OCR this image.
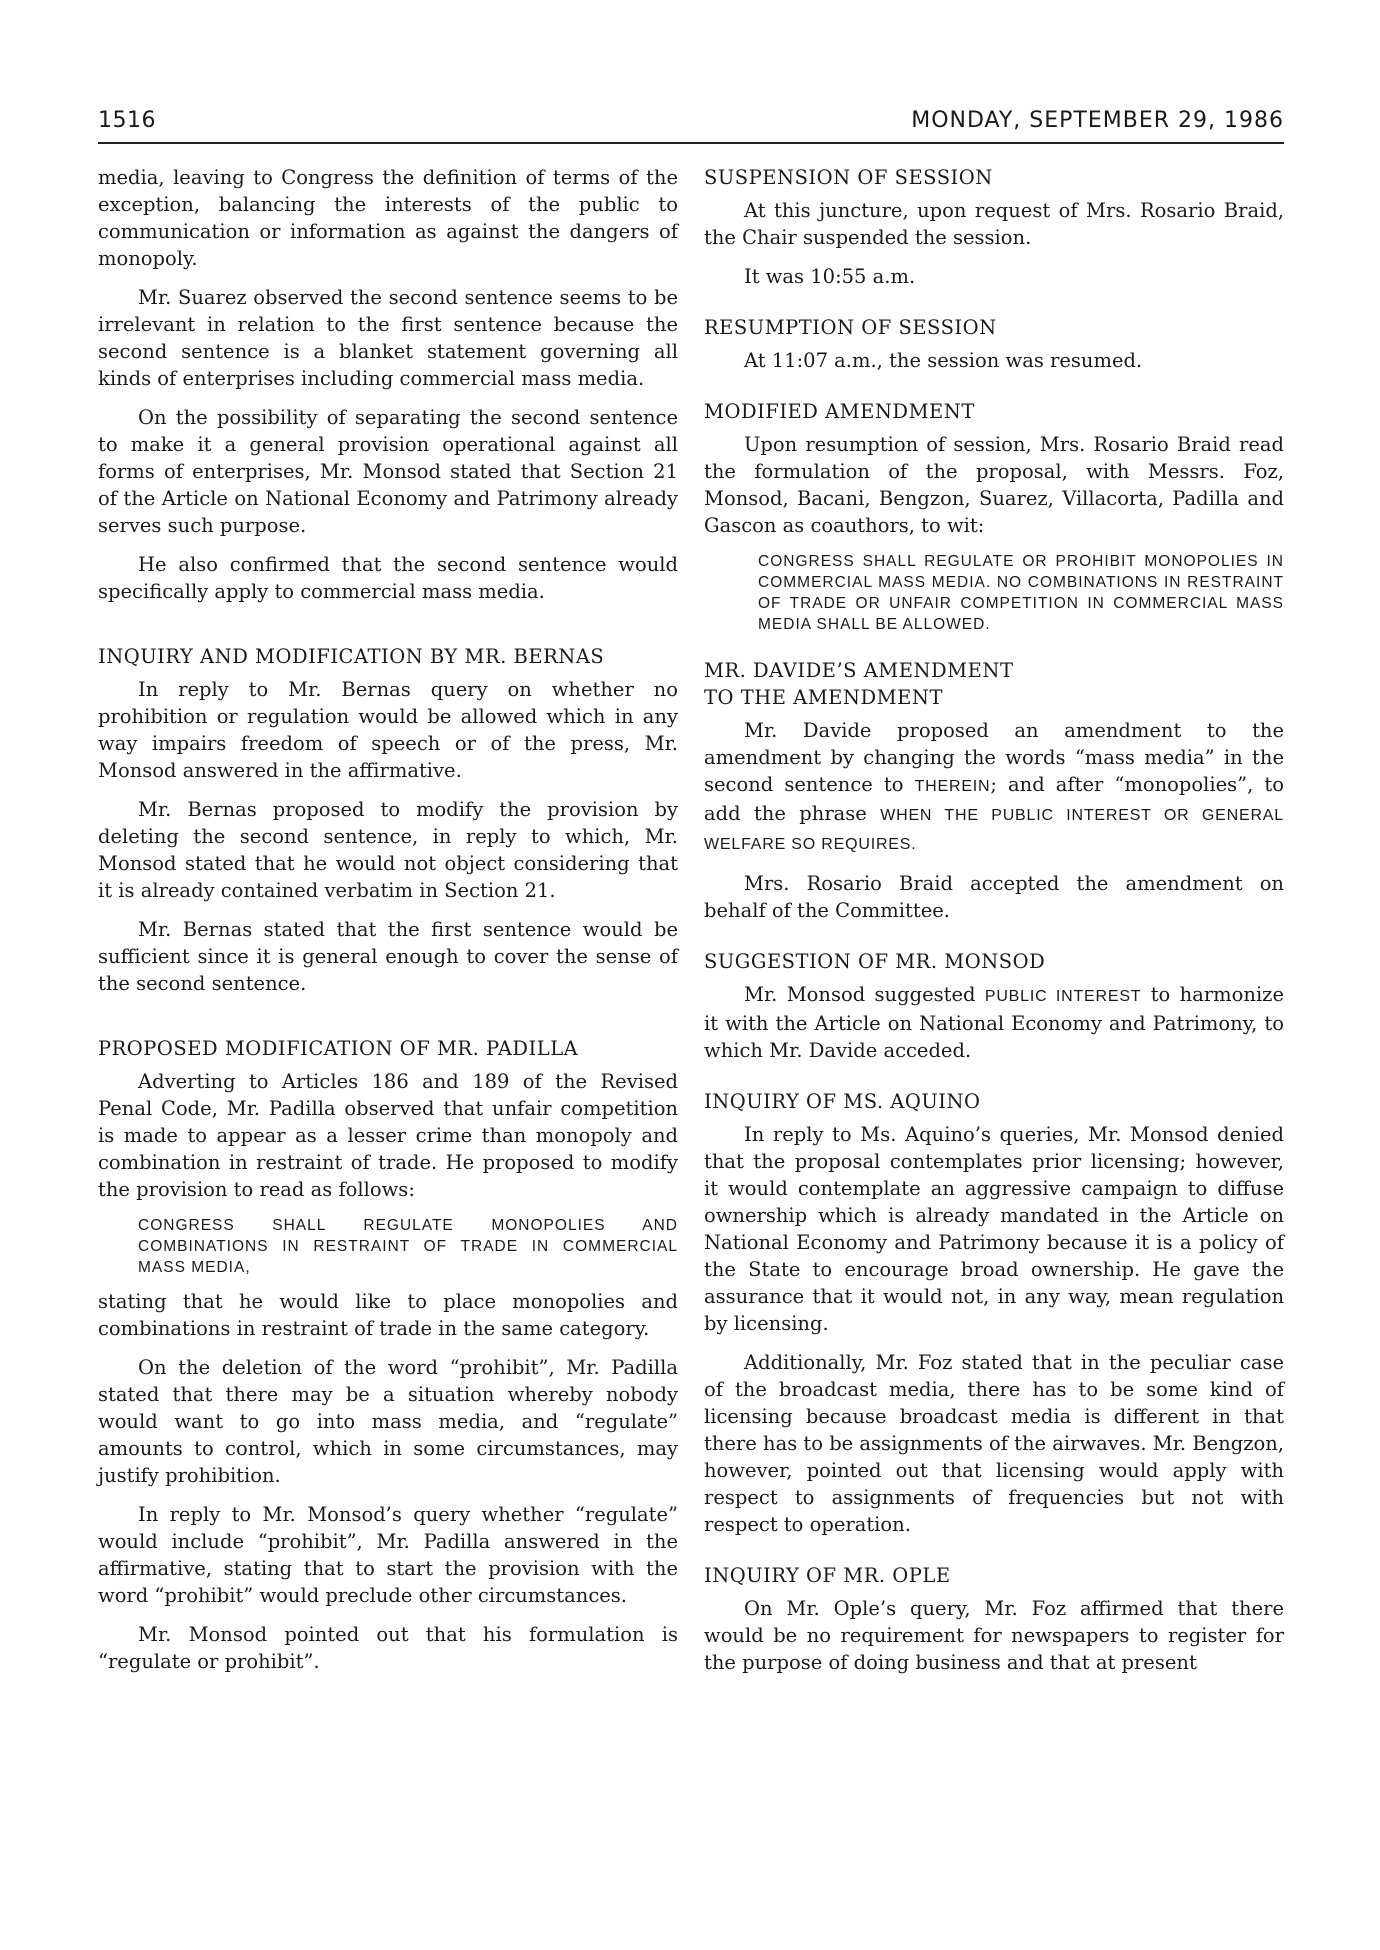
1516	MONDAY, SEPTEMBER 29, 1986

media, leaving to Congress the definition of terms of the exception, balancing the interests of the public to communication or information as against the dangers of monopoly.

Mr. Suarez observed the second sentence seems to be irrelevant in relation to the first sentence because the second sentence is a blanket statement governing all kinds of enterprises including commercial mass media.

On the possibility of separating the second sentence to make it a general provision operational against all forms of enterprises, Mr. Monsod stated that Section 21 of the Article on National Economy and Patrimony already serves such purpose.

He also confirmed that the second sentence would specifically apply to commercial mass media.

INQUIRY AND MODIFICATION BY MR. BERNAS

In reply to Mr. Bernas query on whether no prohibition or regulation would be allowed which in any way impairs freedom of speech or of the press, Mr. Monsod answered in the affirmative.

Mr. Bernas proposed to modify the provision by deleting the second sentence, in reply to which, Mr. Monsod stated that he would not object considering that it is already contained verbatim in Section 21.

Mr. Bernas stated that the first sentence would be sufficient since it is general enough to cover the sense of the second sentence.

PROPOSED MODIFICATION OF MR. PADILLA

Adverting to Articles 186 and 189 of the Revised Penal Code, Mr. Padilla observed that unfair competition is made to appear as a lesser crime than monopoly and combination in restraint of trade. He proposed to modify the provision to read as follows:

CONGRESS SHALL REGULATE MONOPOLIES AND COMBINATIONS IN RESTRAINT OF TRADE IN COMMERCIAL MASS MEDIA,

stating that he would like to place monopolies and combinations in restraint of trade in the same category.

On the deletion of the word “prohibit”, Mr. Padilla stated that there may be a situation whereby nobody would want to go into mass media, and “regulate” amounts to control, which in some circumstances, may justify prohibition.

In reply to Mr. Monsod’s query whether “regulate” would include “prohibit”, Mr. Padilla answered in the affirmative, stating that to start the provision with the word “prohibit” would preclude other circumstances.

Mr. Monsod pointed out that his formulation is “regulate or prohibit”.

SUSPENSION OF SESSION

At this juncture, upon request of Mrs. Rosario Braid, the Chair suspended the session.

It was 10:55 a.m.

RESUMPTION OF SESSION

At 11:07 a.m., the session was resumed.

MODIFIED AMENDMENT

Upon resumption of session, Mrs. Rosario Braid read the formulation of the proposal, with Messrs. Foz, Monsod, Bacani, Bengzon, Suarez, Villacorta, Padilla and Gascon as coauthors, to wit:

CONGRESS SHALL REGULATE OR PROHIBIT MONOPOLIES IN COMMERCIAL MASS MEDIA. NO COMBINATIONS IN RESTRAINT OF TRADE OR UNFAIR COMPETITION IN COMMERCIAL MASS MEDIA SHALL BE ALLOWED.
MR. DAVIDE’S AMENDMENT
TO THE AMENDMENT

Mr. Davide proposed an amendment to the amendment by changing the words “mass media” in the second sentence to THEREIN; and after “monopolies”, to add the phrase WHEN THE PUBLIC INTEREST OR GENERAL WELFARE SO REQUIRES.

Mrs. Rosario Braid accepted the amendment on behalf of the Committee.

SUGGESTION OF MR. MONSOD

Mr. Monsod suggested PUBLIC INTEREST to harmonize it with the Article on National Economy and Patrimony, to which Mr. Davide acceded.

INQUIRY OF MS. AQUINO

In reply to Ms. Aquino’s queries, Mr. Monsod denied that the proposal contemplates prior licensing; however, it would contemplate an aggressive campaign to diffuse ownership which is already mandated in the Article on National Economy and Patrimony because it is a policy of the State to encourage broad ownership. He gave the assurance that it would not, in any way, mean regulation by licensing.

Additionally, Mr. Foz stated that in the peculiar case of the broadcast media, there has to be some kind of licensing because broadcast media is different in that there has to be assignments of the airwaves. Mr. Bengzon, however, pointed out that licensing would apply with respect to assignments of frequencies but not with respect to operation.

INQUIRY OF MR. OPLE

On Mr. Ople’s query, Mr. Foz affirmed that there would be no requirement for newspapers to register for the purpose of doing business and that at present
